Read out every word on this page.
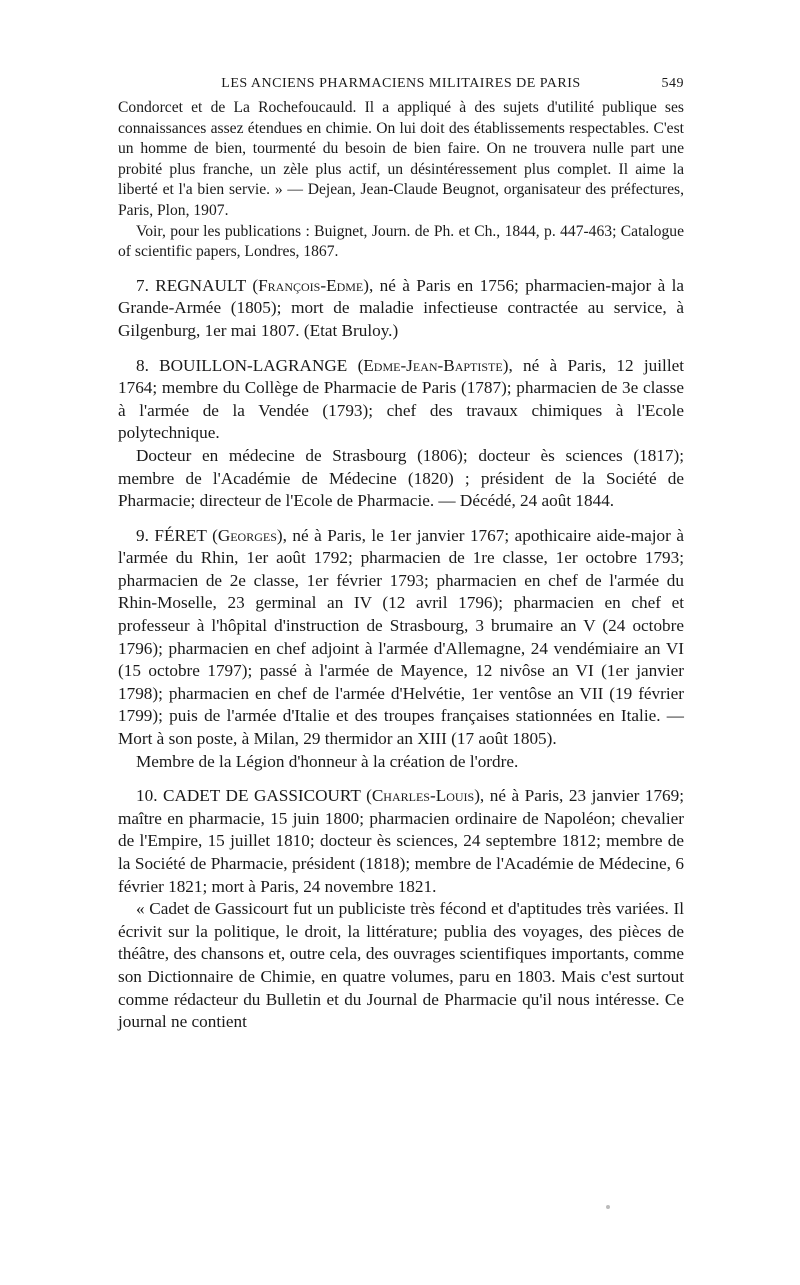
LES ANCIENS PHARMACIENS MILITAIRES DE PARIS	549

Condorcet et de La Rochefoucauld. Il a appliqué à des sujets d'utilité publique ses connaissances assez étendues en chimie. On lui doit des établissements respectables. C'est un homme de bien, tourmenté du besoin de bien faire. On ne trouvera nulle part une probité plus franche, un zèle plus actif, un désintéressement plus complet. Il aime la liberté et l'a bien servie. » — Dejean, Jean-Claude Beugnot, organisateur des préfectures, Paris, Plon, 1907.

Voir, pour les publications : Buignet, Journ. de Ph. et Ch., 1844, p. 447-463; Catalogue of scientific papers, Londres, 1867.

7. REGNAULT (François-Edme), né à Paris en 1756; pharmacien-major à la Grande-Armée (1805); mort de maladie infectieuse contractée au service, à Gilgenburg, 1er mai 1807. (Etat Bruloy.)

8. BOUILLON-LAGRANGE (Edme-Jean-Baptiste), né à Paris, 12 juillet 1764; membre du Collège de Pharmacie de Paris (1787); pharmacien de 3e classe à l'armée de la Vendée (1793); chef des travaux chimiques à l'Ecole polytechnique.

Docteur en médecine de Strasbourg (1806); docteur ès sciences (1817); membre de l'Académie de Médecine (1820) ; président de la Société de Pharmacie; directeur de l'Ecole de Pharmacie. — Décédé, 24 août 1844.

9. FÉRET (Georges), né à Paris, le 1er janvier 1767; apothicaire aide-major à l'armée du Rhin, 1er août 1792; pharmacien de 1re classe, 1er octobre 1793; pharmacien de 2e classe, 1er février 1793; pharmacien en chef de l'armée du Rhin-Moselle, 23 germinal an IV (12 avril 1796); pharmacien en chef et professeur à l'hôpital d'instruction de Strasbourg, 3 brumaire an V (24 octobre 1796); pharmacien en chef adjoint à l'armée d'Allemagne, 24 vendémiaire an VI (15 octobre 1797); passé à l'armée de Mayence, 12 nivôse an VI (1er janvier 1798); pharmacien en chef de l'armée d'Helvétie, 1er ventôse an VII (19 février 1799); puis de l'armée d'Italie et des troupes françaises stationnées en Italie. — Mort à son poste, à Milan, 29 thermidor an XIII (17 août 1805).

Membre de la Légion d'honneur à la création de l'ordre.

10. CADET DE GASSICOURT (Charles-Louis), né à Paris, 23 janvier 1769; maître en pharmacie, 15 juin 1800; pharmacien ordinaire de Napoléon; chevalier de l'Empire, 15 juillet 1810; docteur ès sciences, 24 septembre 1812; membre de la Société de Pharmacie, président (1818); membre de l'Académie de Médecine, 6 février 1821; mort à Paris, 24 novembre 1821.

« Cadet de Gassicourt fut un publiciste très fécond et d'aptitudes très variées. Il écrivit sur la politique, le droit, la littérature; publia des voyages, des pièces de théâtre, des chansons et, outre cela, des ouvrages scientifiques importants, comme son Dictionnaire de Chimie, en quatre volumes, paru en 1803. Mais c'est surtout comme rédacteur du Bulletin et du Journal de Pharmacie qu'il nous intéresse. Ce journal ne contient
